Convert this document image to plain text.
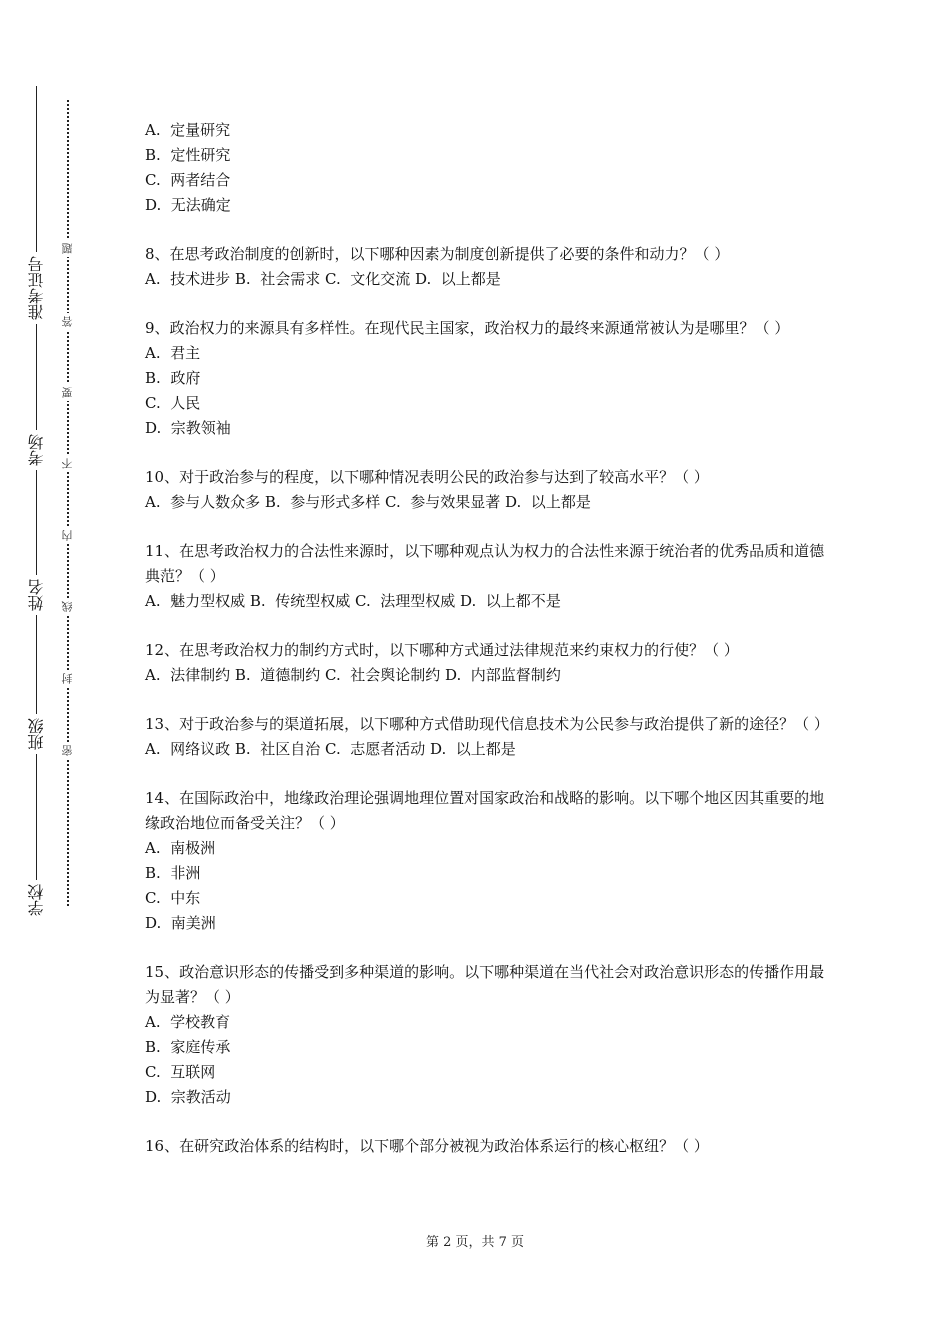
准考证号
考场
姓名
班级
学校
题
答
要
不
内
线
封
密

A.  定量研究

B.  定性研究

C.  两者结合

D.  无法确定

8、在思考政治制度的创新时，以下哪种因素为制度创新提供了必要的条件和动力？（ ）

A.  技术进步 B.  社会需求 C.  文化交流 D.  以上都是

9、政治权力的来源具有多样性。在现代民主国家，政治权力的最终来源通常被认为是哪里？（ ）

A.  君主

B.  政府

C.  人民

D.  宗教领袖

10、对于政治参与的程度，以下哪种情况表明公民的政治参与达到了较高水平？（ ）

A.  参与人数众多 B.  参与形式多样 C.  参与效果显著 D.  以上都是

11、在思考政治权力的合法性来源时，以下哪种观点认为权力的合法性来源于统治者的优秀品质和道德典范？（ ）

A.  魅力型权威 B.  传统型权威 C.  法理型权威 D.  以上都不是

12、在思考政治权力的制约方式时，以下哪种方式通过法律规范来约束权力的行使？（ ）

A.  法律制约 B.  道德制约 C.  社会舆论制约 D.  内部监督制约

13、对于政治参与的渠道拓展，以下哪种方式借助现代信息技术为公民参与政治提供了新的途径？（ ）

A.  网络议政 B.  社区自治 C.  志愿者活动 D.  以上都是

14、在国际政治中，地缘政治理论强调地理位置对国家政治和战略的影响。以下哪个地区因其重要的地缘政治地位而备受关注？（ ）

A.  南极洲

B.  非洲

C.  中东

D.  南美洲

15、政治意识形态的传播受到多种渠道的影响。以下哪种渠道在当代社会对政治意识形态的传播作用最为显著？（ ）

A.  学校教育

B.  家庭传承

C.  互联网

D.  宗教活动

16、在研究政治体系的结构时，以下哪个部分被视为政治体系运行的核心枢纽？（ ）

第 2 页，共 7 页
